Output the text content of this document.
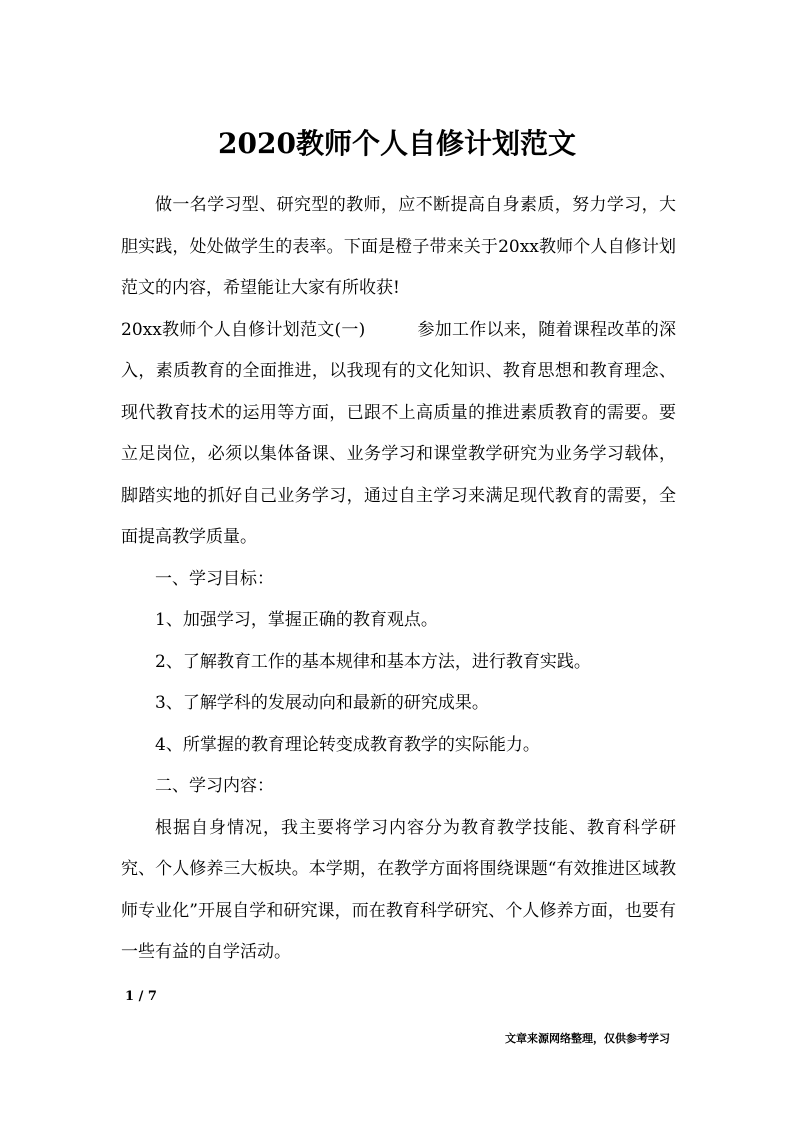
2020教师个人自修计划范文

做一名学习型、研究型的教师，应不断提高自身素质，努力学习，大胆实践，处处做学生的表率。下面是橙子带来关于20xx教师个人自修计划范文的内容，希望能让大家有所收获!

20xx教师个人自修计划范文(一)	参加工作以来，随着课程改革的深入，素质教育的全面推进，以我现有的文化知识、教育思想和教育理念、现代教育技术的运用等方面，已跟不上高质量的推进素质教育的需要。要立足岗位，必须以集体备课、业务学习和课堂教学研究为业务学习载体，脚踏实地的抓好自己业务学习，通过自主学习来满足现代教育的需要，全面提高教学质量。

一、学习目标：

1、加强学习，掌握正确的教育观点。

2、了解教育工作的基本规律和基本方法，进行教育实践。

3、了解学科的发展动向和最新的研究成果。

4、所掌握的教育理论转变成教育教学的实际能力。

二、学习内容：

根据自身情况，我主要将学习内容分为教育教学技能、教育科学研究、个人修养三大板块。本学期，在教学方面将围绕课题“有效推进区域教师专业化”开展自学和研究课，而在教育科学研究、个人修养方面，也要有一些有益的自学活动。

1 / 7
文章来源网络整理，仅供参考学习
